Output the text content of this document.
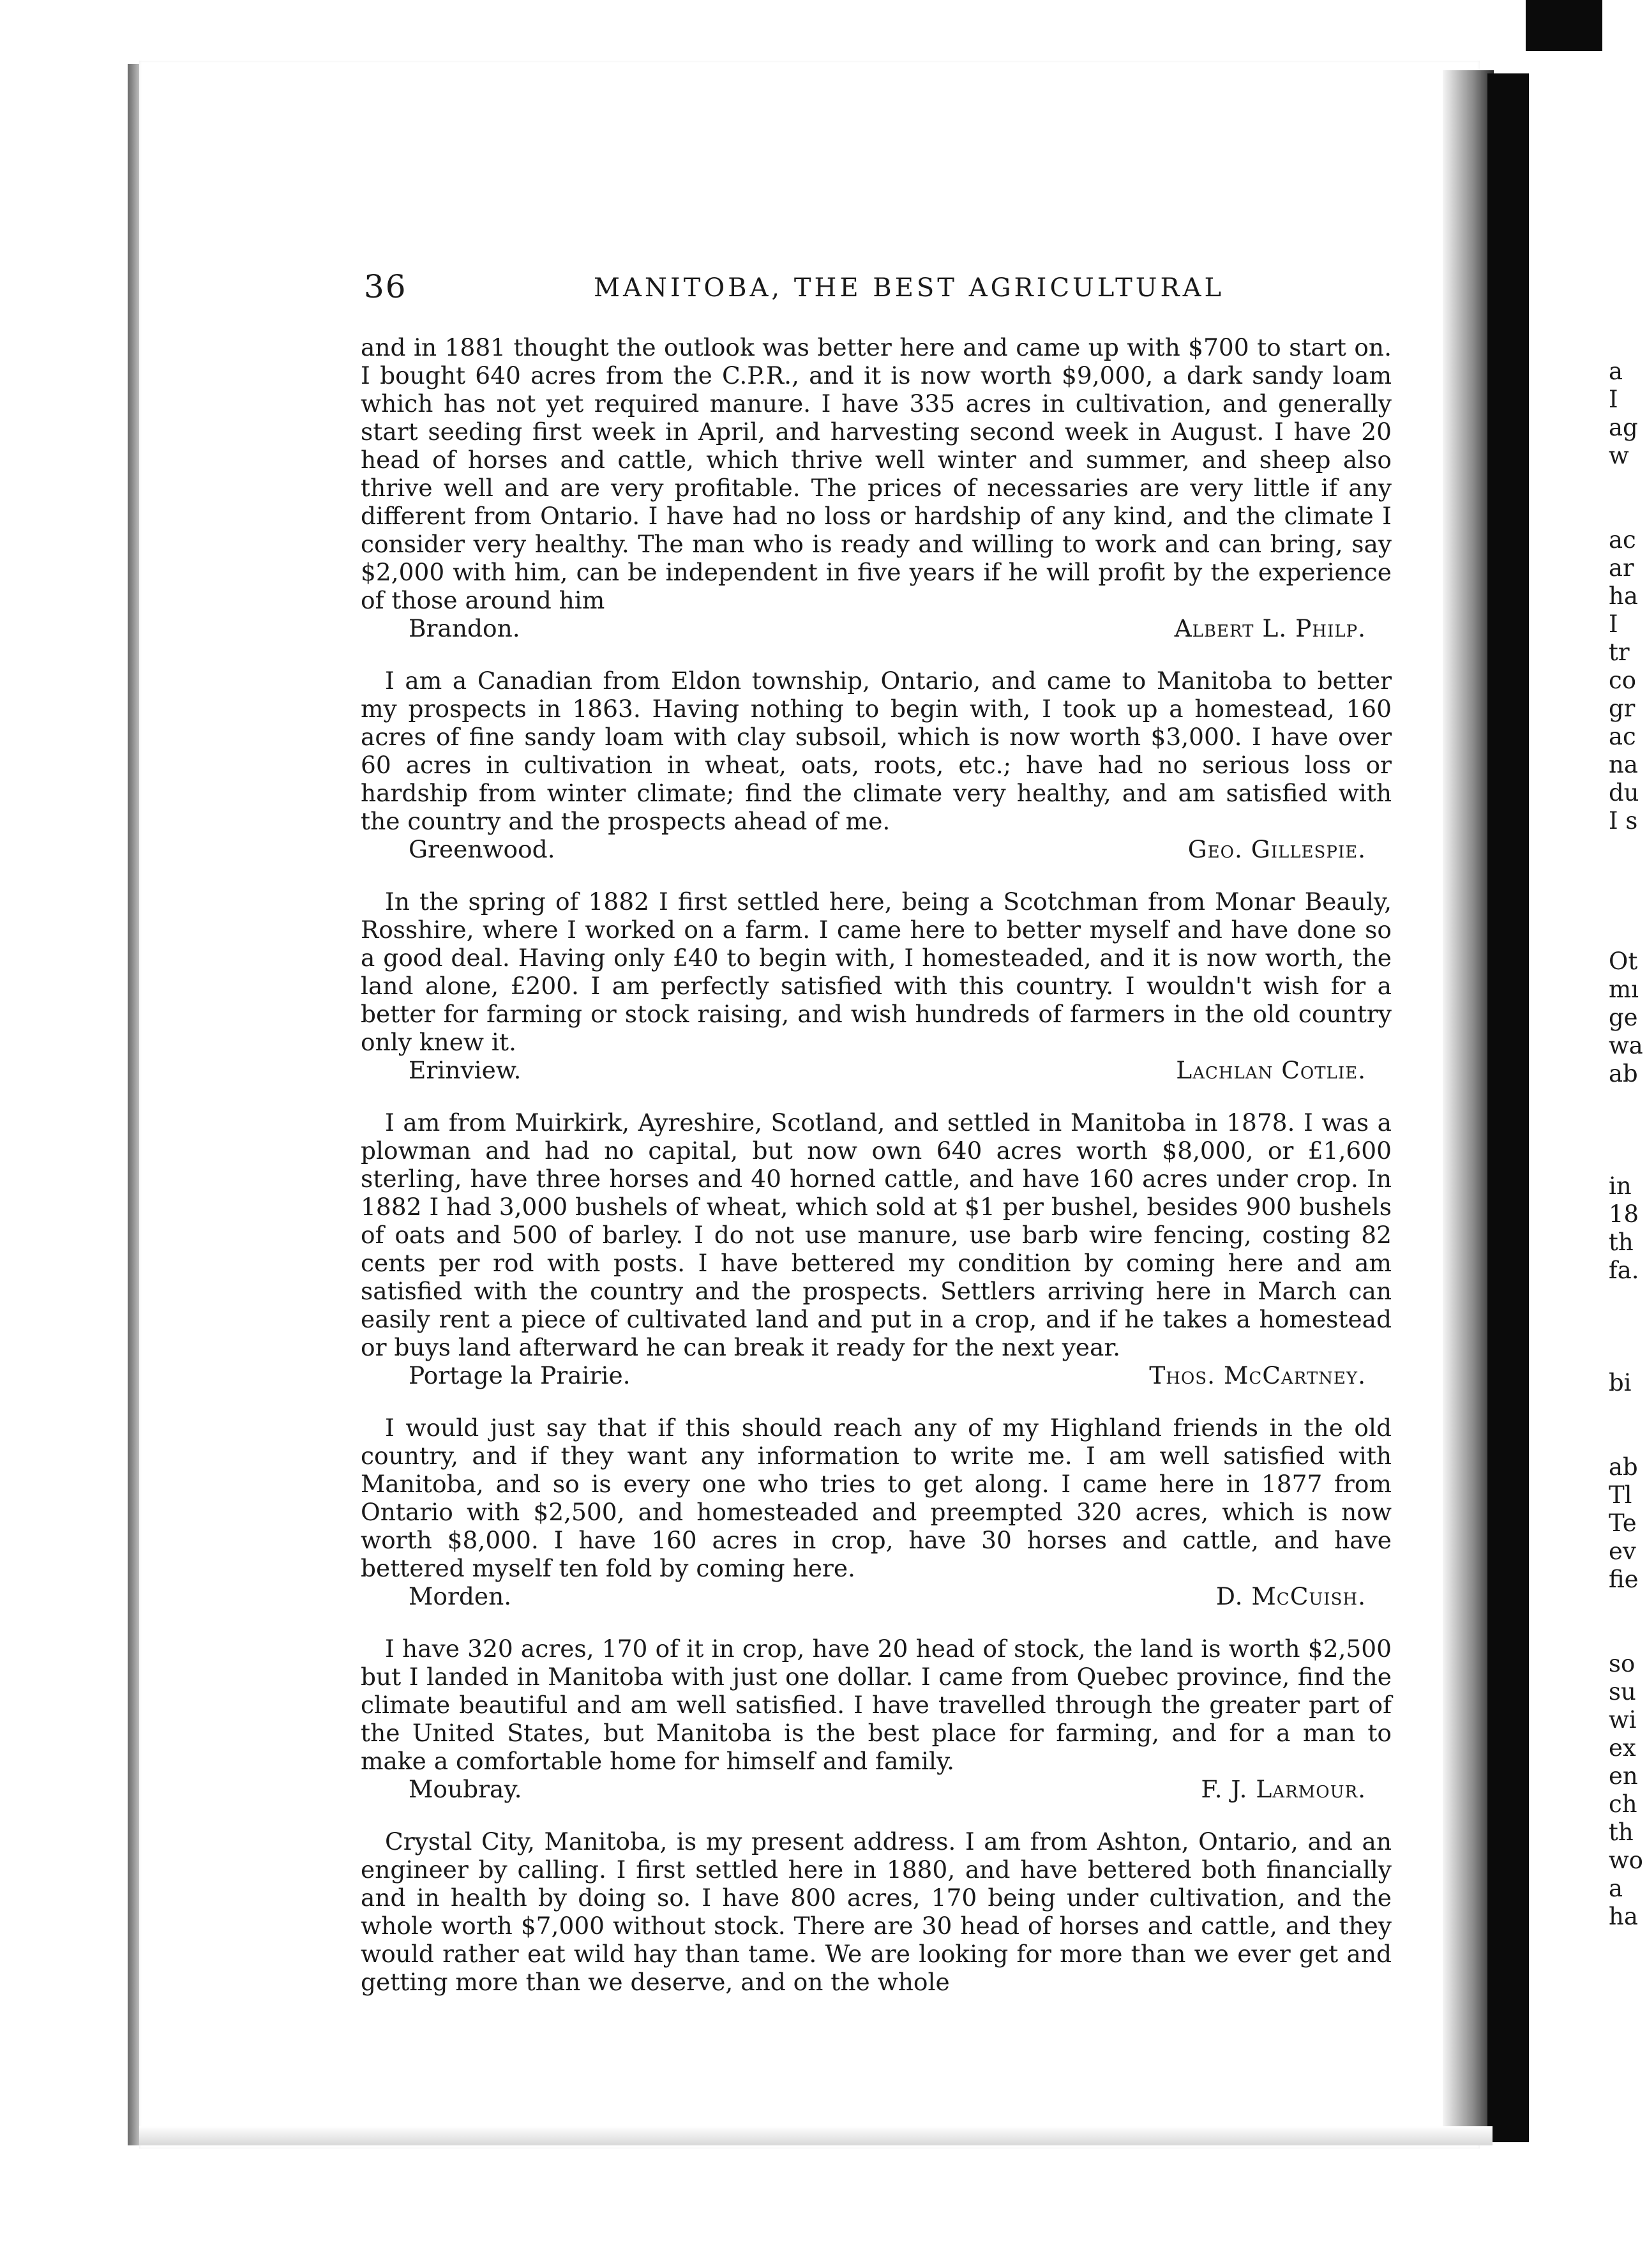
36	MANITOBA, THE BEST AGRICULTURAL

and in 1881 thought the outlook was better here and came up with $700 to start on. I bought 640 acres from the C.P.R., and it is now worth $9,000, a dark sandy loam which has not yet required manure. I have 335 acres in cultivation, and generally start seeding first week in April, and harvesting second week in August. I have 20 head of horses and cattle, which thrive well winter and summer, and sheep also thrive well and are very profitable. The prices of necessaries are very little if any different from Ontario. I have had no loss or hardship of any kind, and the climate I consider very healthy. The man who is ready and willing to work and can bring, say $2,000 with him, can be independent in five years if he will profit by the experience of those around him

Brandon.	Albert L. Philp.

I am a Canadian from Eldon township, Ontario, and came to Manitoba to better my prospects in 1863. Having nothing to begin with, I took up a homestead, 160 acres of fine sandy loam with clay subsoil, which is now worth $3,000. I have over 60 acres in cultivation in wheat, oats, roots, etc.; have had no serious loss or hardship from winter climate; find the climate very healthy, and am satisfied with the country and the prospects ahead of me.

Greenwood.	Geo. Gillespie.

In the spring of 1882 I first settled here, being a Scotchman from Monar Beauly, Rosshire, where I worked on a farm. I came here to better myself and have done so a good deal. Having only £40 to begin with, I homesteaded, and it is now worth, the land alone, £200. I am perfectly satisfied with this country. I wouldn't wish for a better for farming or stock raising, and wish hundreds of farmers in the old country only knew it.

Erinview.	Lachlan Cotlie.

I am from Muirkirk, Ayreshire, Scotland, and settled in Manitoba in 1878. I was a plowman and had no capital, but now own 640 acres worth $8,000, or £1,600 sterling, have three horses and 40 horned cattle, and have 160 acres under crop. In 1882 I had 3,000 bushels of wheat, which sold at $1 per bushel, besides 900 bushels of oats and 500 of barley. I do not use manure, use barb wire fencing, costing 82 cents per rod with posts. I have bettered my condition by coming here and am satisfied with the country and the prospects. Settlers arriving here in March can easily rent a piece of cultivated land and put in a crop, and if he takes a homestead or buys land afterward he can break it ready for the next year.

Portage la Prairie.	Thos. McCartney.

I would just say that if this should reach any of my Highland friends in the old country, and if they want any information to write me. I am well satisfied with Manitoba, and so is every one who tries to get along. I came here in 1877 from Ontario with $2,500, and homesteaded and preempted 320 acres, which is now worth $8,000. I have 160 acres in crop, have 30 horses and cattle, and have bettered myself ten fold by coming here.

Morden.	D. McCuish.

I have 320 acres, 170 of it in crop, have 20 head of stock, the land is worth $2,500 but I landed in Manitoba with just one dollar. I came from Quebec province, find the climate beautiful and am well satisfied. I have travelled through the greater part of the United States, but Manitoba is the best place for farming, and for a man to make a comfortable home for himself and family.

Moubray.	F. J. Larmour.

Crystal City, Manitoba, is my present address. I am from Ashton, Ontario, and an engineer by calling. I first settled here in 1880, and have bettered both financially and in health by doing so. I have 800 acres, 170 being under cultivation, and the whole worth $7,000 without stock. There are 30 head of horses and cattle, and they would rather eat wild hay than tame. We are looking for more than we ever get and getting more than we deserve, and on the whole

a
I
ag
w
ac
ar
ha
I
tr
co
gr
ac
na
du
I s
Ot
mı
ge
wa
ab
in
18
th
fa.
bi
ab
Tl
Te
ev
fie
so
su
wi
ex
en
ch
th
wo
a
ha
